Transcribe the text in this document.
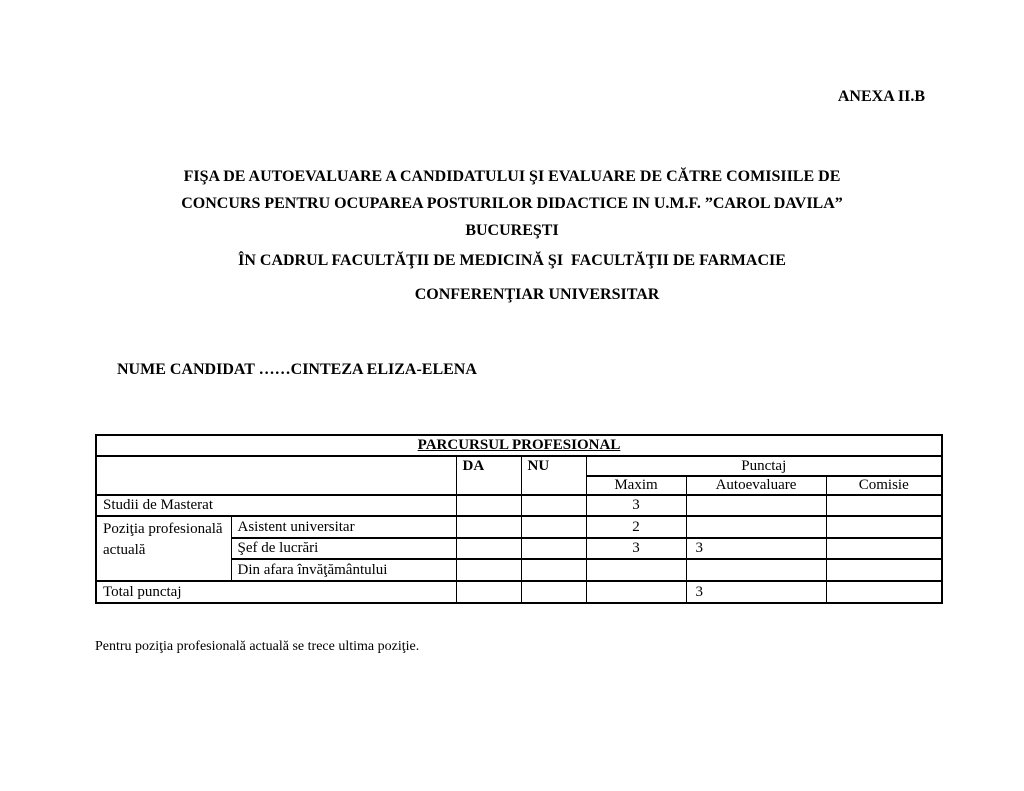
ANEXA II.B
FIŞA DE AUTOEVALUARE A CANDIDATULUI ŞI EVALUARE DE CĂTRE COMISIILE DE
CONCURS PENTRU OCUPAREA POSTURILOR DIDACTICE IN U.M.F. ”CAROL DAVILA”
BUCUREŞTI
ÎN CADRUL FACULTĂŢII DE MEDICINĂ ŞI  FACULTĂŢII DE FARMACIE
CONFERENŢIAR UNIVERSITAR
NUME CANDIDAT ……CINTEZA ELIZA-ELENA
PARCURSUL PROFESIONAL						
		DA	NU	Punctaj		
				Maxim	Autoevaluare	Comisie
Studii de Masterat				3		
Poziţia profesională actuală	Asistent universitar			2		
	Şef de lucrări			3	3	
	Din afara învăţământului					
Total punctaj					3	
Pentru poziţia profesională actuală se trece ultima poziţie.
